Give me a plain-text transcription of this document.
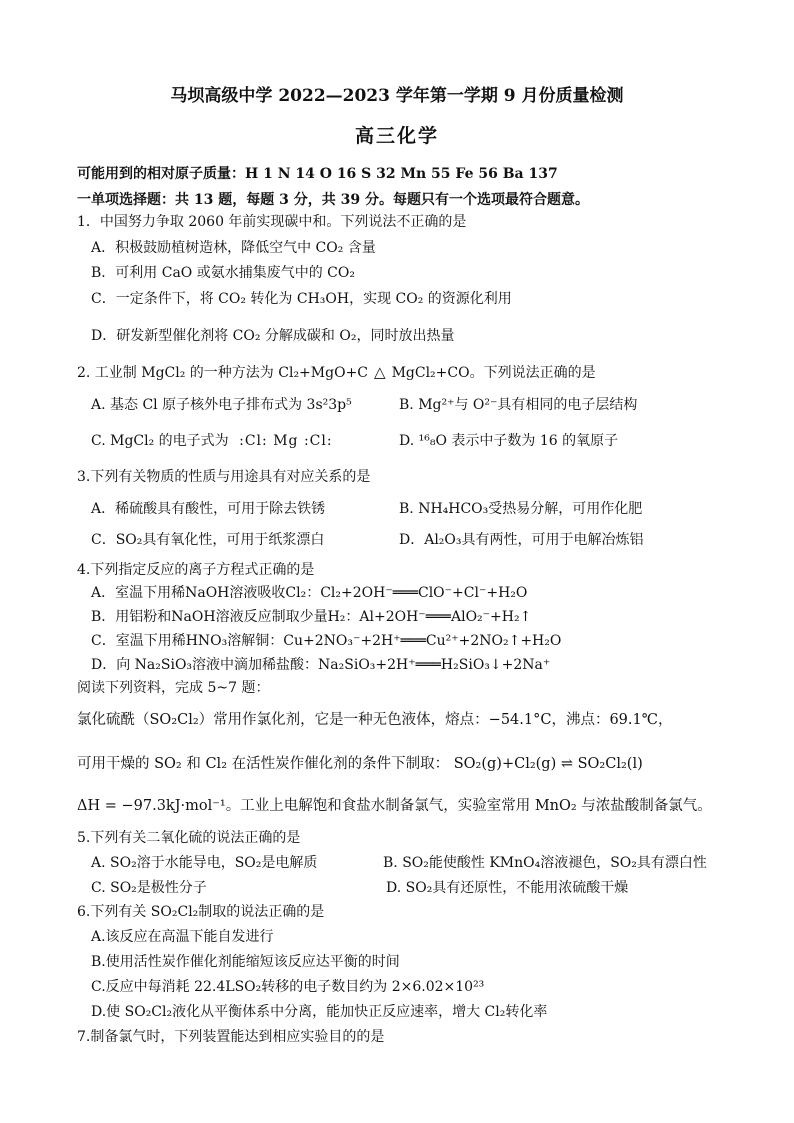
马坝高级中学 2022—2023 学年第一学期 9 月份质量检测
高三化学
可能用到的相对原子质量：H 1 N 14 O 16 S 32 Mn 55 Fe 56 Ba 137
一单项选择题：共 13 题，每题 3 分，共 39 分。每题只有一个选项最符合题意。
1．中国努力争取 2060 年前实现碳中和。下列说法不正确的是
A．积极鼓励植树造林，降低空气中 CO₂ 含量
B．可利用 CaO 或氨水捕集废气中的 CO₂
C．一定条件下，将 CO₂ 转化为 CH₃OH，实现 CO₂ 的资源化利用
D．研发新型催化剂将 CO₂ 分解成碳和 O₂，同时放出热量
2. 工业制 MgCl₂ 的一种方法为 Cl₂+MgO+C △ MgCl₂+CO。下列说法正确的是
A. 基态 Cl 原子核外电子排布式为 3s²3p⁵	B. Mg²⁺与 O²⁻具有相同的电子层结构
C. MgCl₂ 的电子式为 :Cl: Mg :Cl:	D. ¹⁶₈O 表示中子数为 16 的氧原子
3.下列有关物质的性质与用途具有对应关系的是
A．稀硫酸具有酸性，可用于除去铁锈	B. NH₄HCO₃受热易分解，可用作化肥
C．SO₂具有氧化性，可用于纸浆漂白	D．Al₂O₃具有两性，可用于电解冶炼铝
4.下列指定反应的离子方程式正确的是
A．室温下用稀NaOH溶液吸收Cl₂：Cl₂+2OH⁻═══ClO⁻+Cl⁻+H₂O
B．用铝粉和NaOH溶液反应制取少量H₂：Al+2OH⁻═══AlO₂⁻+H₂↑
C．室温下用稀HNO₃溶解铜：Cu+2NO₃⁻+2H⁺═══Cu²⁺+2NO₂↑+H₂O
D．向 Na₂SiO₃溶液中滴加稀盐酸：Na₂SiO₃+2H⁺═══H₂SiO₃↓+2Na⁺
阅读下列资料，完成 5~7 题：
氯化硫酰（SO₂Cl₂）常用作氯化剂，它是一种无色液体，熔点：−54.1°C，沸点：69.1℃，
可用干燥的 SO₂ 和 Cl₂ 在活性炭作催化剂的条件下制取： SO₂(g)+Cl₂(g) ⇌ SO₂Cl₂(l)
ΔH = −97.3kJ·mol⁻¹。工业上电解饱和食盐水制备氯气，实验室常用 MnO₂ 与浓盐酸制备氯气。
5.下列有关二氧化硫的说法正确的是
A. SO₂溶于水能导电，SO₂是电解质	B. SO₂能使酸性 KMnO₄溶液褪色，SO₂具有漂白性
C. SO₂是极性分子	D. SO₂具有还原性，不能用浓硫酸干燥
6.下列有关 SO₂Cl₂制取的说法正确的是
A.该反应在高温下能自发进行
B.使用活性炭作催化剂能缩短该反应达平衡的时间
C.反应中每消耗 22.4LSO₂转移的电子数目约为 2×6.02×10²³
D.使 SO₂Cl₂液化从平衡体系中分离，能加快正反应速率，增大 Cl₂转化率
7.制备氯气时，下列装置能达到相应实验目的的是
